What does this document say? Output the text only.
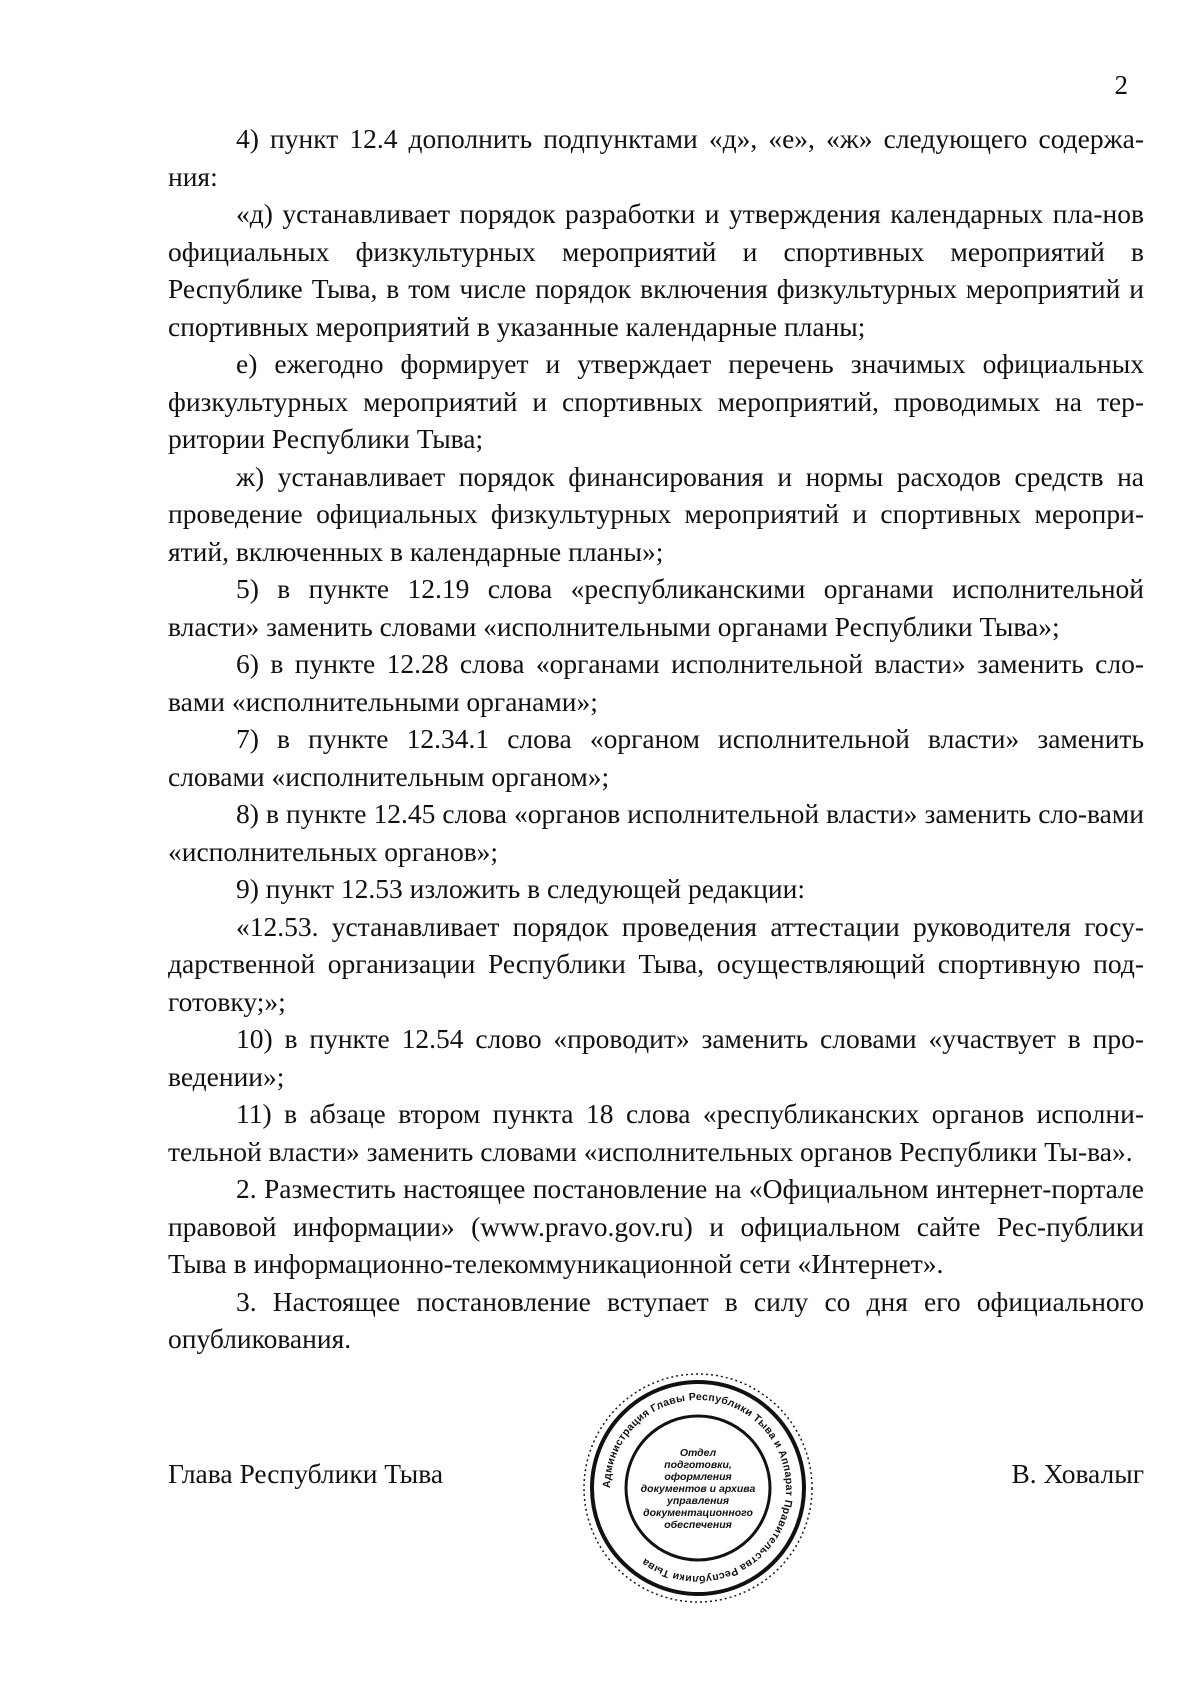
2

4) пункт 12.4 дополнить подпунктами «д», «е», «ж» следующего содержа-ния:

«д) устанавливает порядок разработки и утверждения календарных пла-нов официальных физкультурных мероприятий и спортивных мероприятий в Республике Тыва, в том числе порядок включения физкультурных мероприятий и спортивных мероприятий в указанные календарные планы;

е) ежегодно формирует и утверждает перечень значимых официальных физкультурных мероприятий и спортивных мероприятий, проводимых на тер-ритории Республики Тыва;

ж) устанавливает порядок финансирования и нормы расходов средств на проведение официальных физкультурных мероприятий и спортивных меропри-ятий, включенных в календарные планы»;

5) в пункте 12.19 слова «республиканскими органами исполнительной власти» заменить словами «исполнительными органами Республики Тыва»;

6) в пункте 12.28 слова «органами исполнительной власти» заменить сло-вами «исполнительными органами»;

7) в пункте 12.34.1 слова «органом исполнительной власти» заменить словами «исполнительным органом»;

8) в пункте 12.45 слова «органов исполнительной власти» заменить сло-вами «исполнительных органов»;

9) пункт 12.53 изложить в следующей редакции:

«12.53. устанавливает порядок проведения аттестации руководителя госу-дарственной организации Республики Тыва, осуществляющий спортивную под-готовку;»;

10) в пункте 12.54 слово «проводит» заменить словами «участвует в про-ведении»;

11) в абзаце втором пункта 18 слова «республиканских органов исполни-тельной власти» заменить словами «исполнительных органов Республики Ты-ва».

2. Разместить настоящее постановление на «Официальном интернет-портале правовой информации» (www.pravo.gov.ru) и официальном сайте Рес-публики Тыва в информационно-телекоммуникационной сети «Интернет».

3. Настоящее постановление вступает в силу со дня его официального опубликования.

Глава Республики Тыва	В. Ховалыг
Администрация Главы Республики Тыва и Аппарат Правительства Республики Тыва
Отдел
подготовки,
оформления
документов и архива
управления
документационного
обеспечения
